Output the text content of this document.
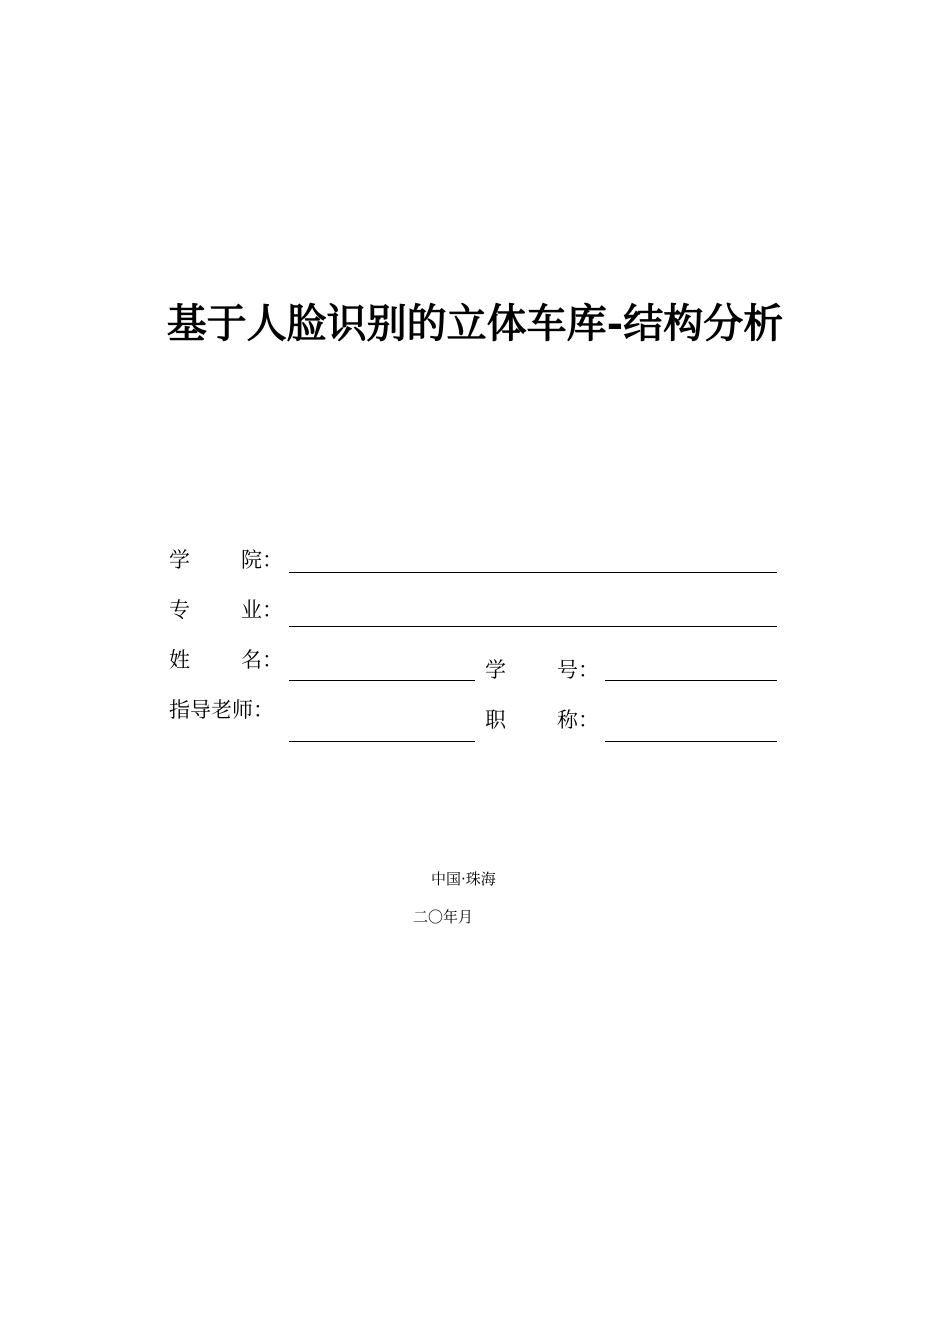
基于人脸识别的立体车库-结构分析
学 院：
专 业：
姓 名：	学 号：
指导老师：	职 称：
中国·珠海
二〇年月
